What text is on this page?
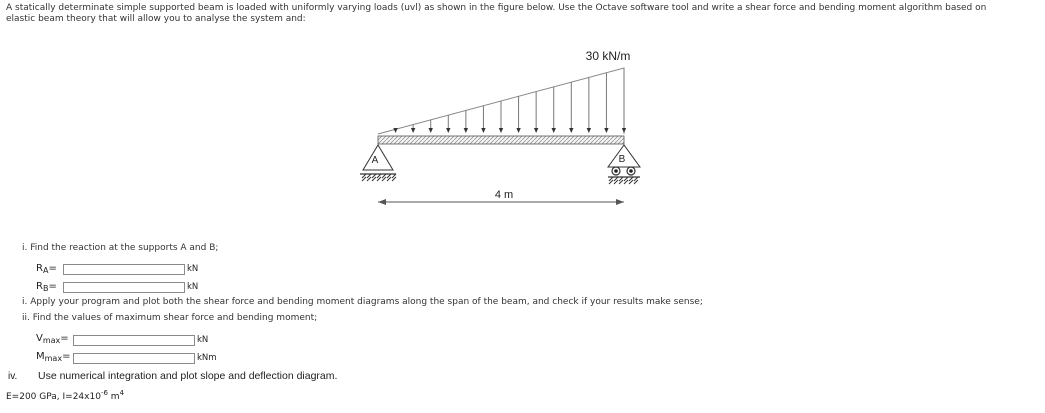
A statically determinate simple supported beam is loaded with uniformly varying loads (uvl) as shown in the figure below. Use the Octave software tool and write a shear force and bending moment algorithm based on elastic beam theory that will allow you to analyse the system and:
30 kN/m
A	B
4 m
i. Find the reaction at the supports A and B;
$R_A=$	kN
$R_B=$	kN
i. Apply your program and plot both the shear force and bending moment diagrams along the span of the beam, and check if your results make sense;
ii. Find the values of maximum shear force and bending moment;
$V_{max}=$	kN
$M_{max}=$	kNm
iv. Use numerical integration and plot slope and deflection diagram.
E=200 GPa, $I=24x10^{-6}$ $m^4$
